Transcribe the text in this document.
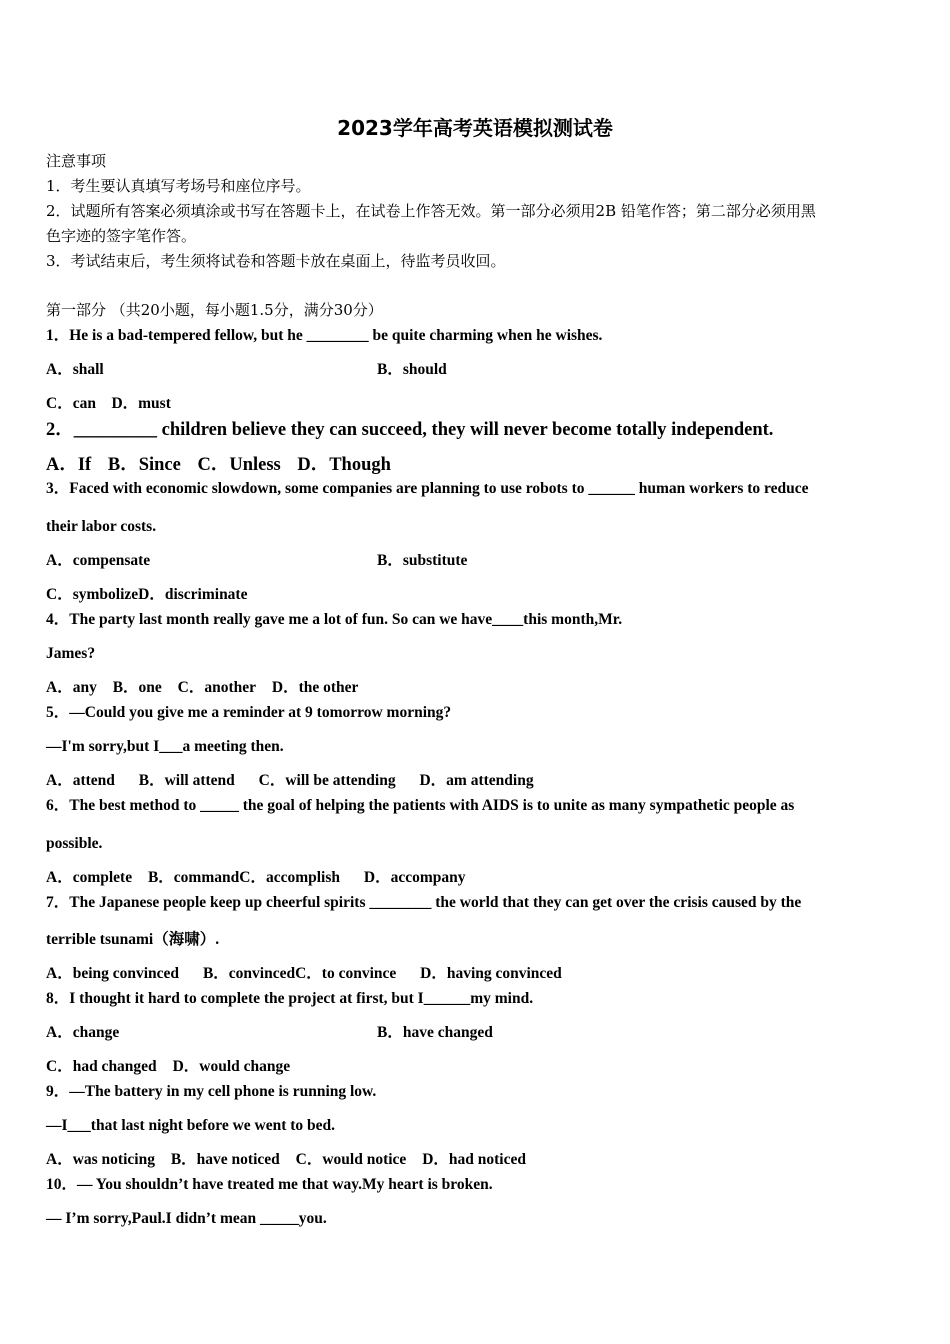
2023学年高考英语模拟测试卷
注意事项
1．考生要认真填写考场号和座位序号。
2．试题所有答案必须填涂或书写在答题卡上，在试卷上作答无效。第一部分必须用2B 铅笔作答；第二部分必须用黑
色字迹的签字笔作答。
3．考试结束后，考生须将试卷和答题卡放在桌面上，待监考员收回。
第一部分 （共20小题，每小题1.5分，满分30分）
1．He is a bad-tempered fellow, but he ________ be quite charming when he wishes.
A．shall	B．should
C．can　D．must
2．_________ children believe they can succeed, they will never become totally independent.
A．If B．Since C．Unless D．Though
3．Faced with economic slowdown, some companies are planning to use robots to ______ human workers to reduce
their labor costs.
A．compensate	B．substitute
C．symbolizeD．discriminate
4．The party last month really gave me a lot of fun. So can we have____this month,Mr.
James?
A．any B．one C．another D．the other
5．—Could you give me a reminder at 9 tomorrow morning?
—I'm sorry,but I___a meeting then.
A．attend B．will attend C．will be attending D．am attending
6．The best method to _____ the goal of helping the patients with AIDS is to unite as many sympathetic people as
possible.
A．complete B．commandC．accomplish D．accompany
7．The Japanese people keep up cheerful spirits ________ the world that they can get over the crisis caused by the
terrible tsunami（海啸）.
A．being convinced B．convincedC．to convince D．having convinced
8．I thought it hard to complete the project at first, but I______my mind.
A．change	B．have changed
C．had changed D．would change
9．—The battery in my cell phone is running low.
—I___that last night before we went to bed.
A．was noticing B．have noticed C．would notice D．had noticed
10．— You shouldn’t have treated me that way.My heart is broken.
— I’m sorry,Paul.I didn’t mean _____you.
